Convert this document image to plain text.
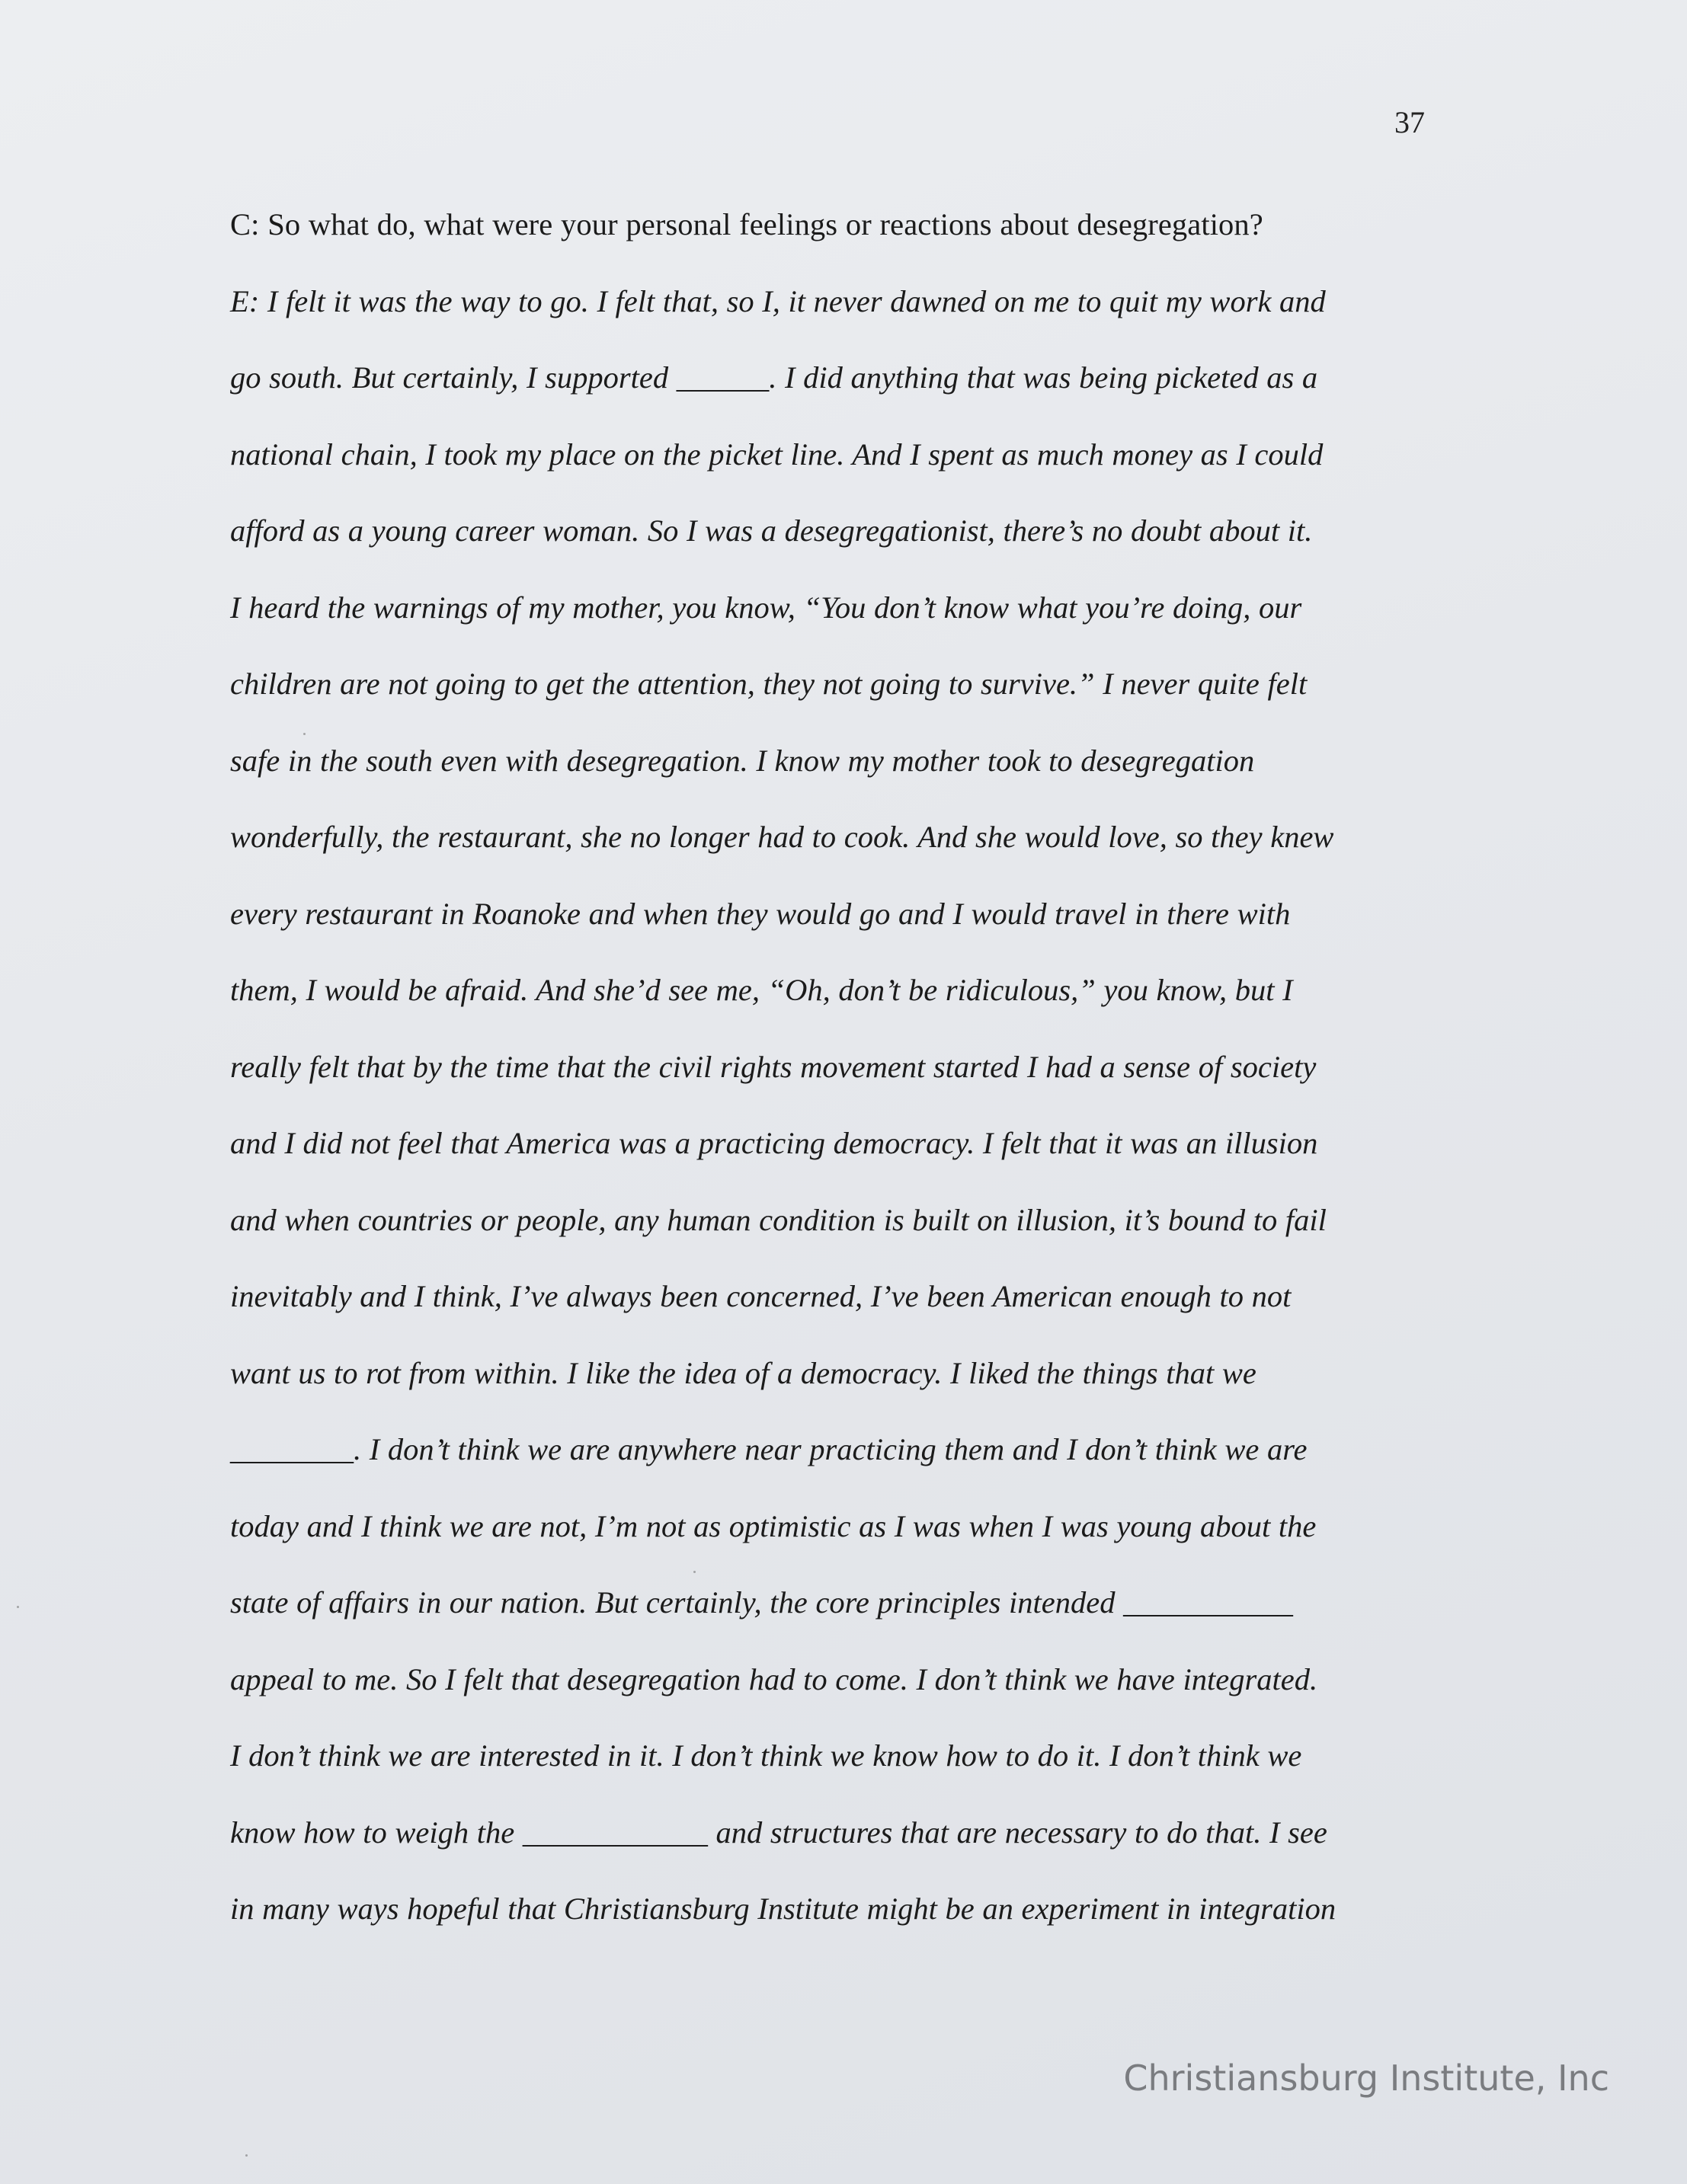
37
C: So what do, what were your personal feelings or reactions about desegregation?
E: I felt it was the way to go. I felt that, so I, it never dawned on me to quit my work and
go south. But certainly, I supported ______. I did anything that was being picketed as a
national chain, I took my place on the picket line. And I spent as much money as I could
afford as a young career woman. So I was a desegregationist, there’s no doubt about it.
I heard the warnings of my mother, you know, “You don’t know what you’re doing, our
children are not going to get the attention, they not going to survive.” I never quite felt
safe in the south even with desegregation. I know my mother took to desegregation
wonderfully, the restaurant, she no longer had to cook. And she would love, so they knew
every restaurant in Roanoke and when they would go and I would travel in there with
them, I would be afraid. And she’d see me, “Oh, don’t be ridiculous,” you know, but I
really felt that by the time that the civil rights movement started I had a sense of society
and I did not feel that America was a practicing democracy. I felt that it was an illusion
and when countries or people, any human condition is built on illusion, it’s bound to fail
inevitably and I think, I’ve always been concerned, I’ve been American enough to not
want us to rot from within. I like the idea of a democracy. I liked the things that we
________. I don’t think we are anywhere near practicing them and I don’t think we are
today and I think we are not, I’m not as optimistic as I was when I was young about the
state of affairs in our nation. But certainly, the core principles intended ___________
appeal to me. So I felt that desegregation had to come. I don’t think we have integrated.
I don’t think we are interested in it. I don’t think we know how to do it. I don’t think we
know how to weigh the ____________ and structures that are necessary to do that. I see
in many ways hopeful that Christiansburg Institute might be an experiment in integration
Christiansburg Institute, Inc
